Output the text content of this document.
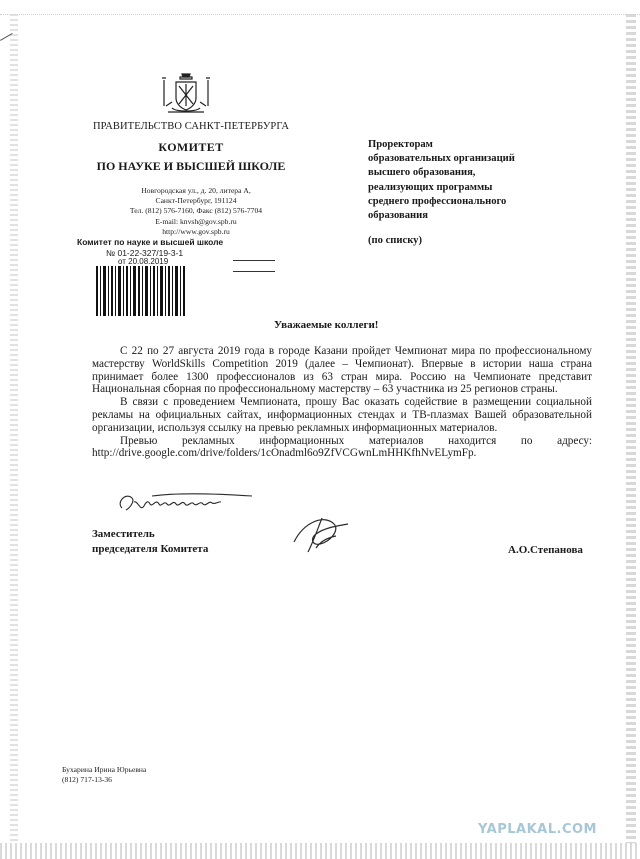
ПРАВИТЕЛЬСТВО САНКТ-ПЕТЕРБУРГА
КОМИТЕТ
ПО НАУКЕ И ВЫСШЕЙ ШКОЛЕ
Новгородская ул., д. 20, литера А,
Санкт-Петербург, 191124
Тел. (812) 576-7160, Факс (812) 576-7704
E-mail: knvsh@gov.spb.ru
http://www.gov.spb.ru
Комитет по науке и высшей школе
№ 01-22-327/19-3-1
от 20.08.2019
Проректорам
образовательных организаций
высшего образования,
реализующих программы
среднего профессионального
образования
(по списку)
Уважаемые коллеги!

С 22 по 27 августа 2019 года в городе Казани пройдет Чемпионат мира по профессиональному мастерству WorldSkills Competition 2019 (далее – Чемпионат). Впервые в истории наша страна принимает более 1300 профессионалов из 63 стран мира. Россию на Чемпионате представит Национальная сборная по профессиональному мастерству – 63 участника из 25 регионов страны.

В связи с проведением Чемпионата, прошу Вас оказать содействие в размещении социальной рекламы на официальных сайтах, информационных стендах и ТВ-плазмах Вашей образовательной организации, используя ссылку на превью рекламных информационных материалов.

Превью рекламных информационных материалов находится по адресу:

http://drive.google.com/drive/folders/1cOnadml6o9ZfVCGwnLmHHKfhNvELymFp.

Заместитель
председателя Комитета	А.О.Степанова
Бухарина Ирина Юрьевна
(812) 717-13-36
YAPLAKAL.COM
